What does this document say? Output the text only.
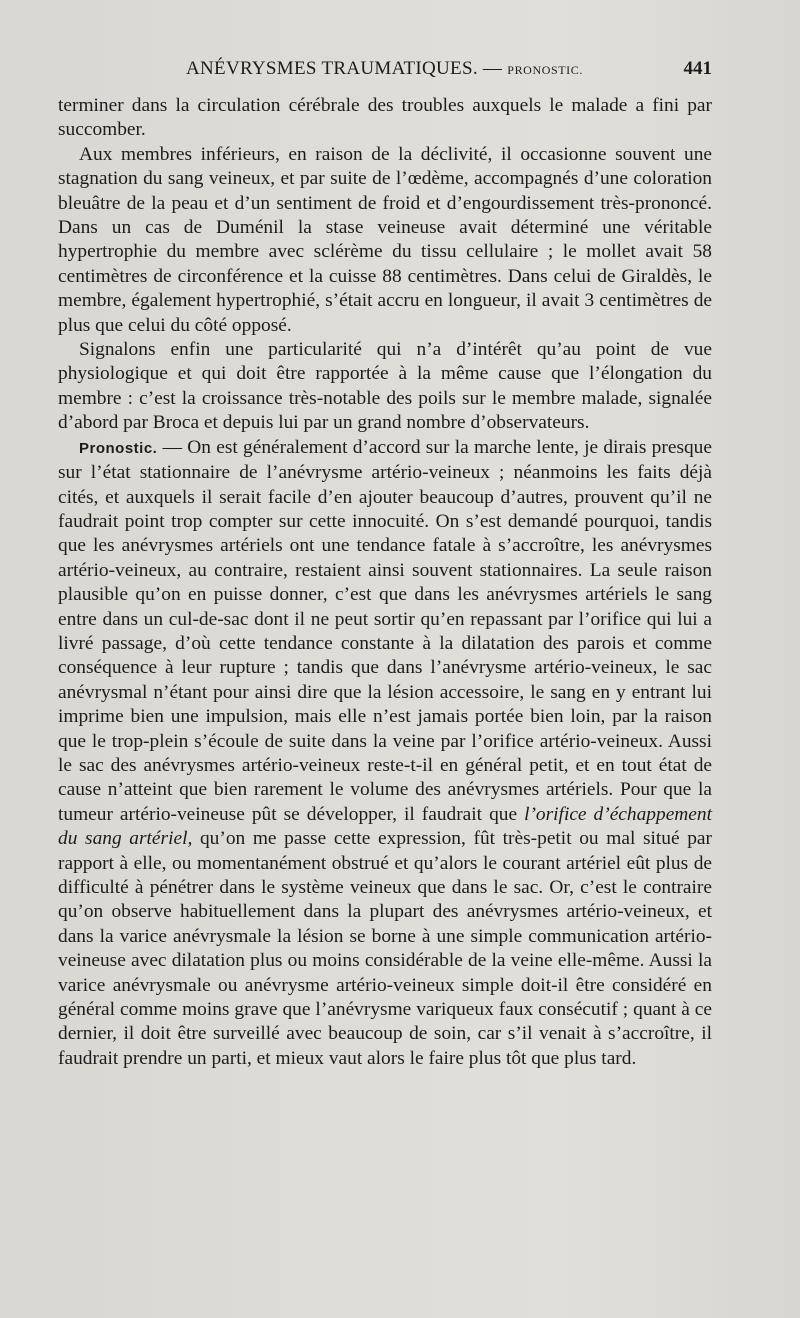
ANÉVRYSMES TRAUMATIQUES. — PRONOSTIC.	441

terminer dans la circulation cérébrale des troubles auxquels le malade a fini par succomber.

Aux membres inférieurs, en raison de la déclivité, il occasionne souvent une stagnation du sang veineux, et par suite de l’œdème, accompagnés d’une coloration bleuâtre de la peau et d’un sentiment de froid et d’engourdissement très-prononcé. Dans un cas de Duménil la stase veineuse avait déterminé une véritable hypertrophie du membre avec sclérème du tissu cellulaire ; le mollet avait 58 centimètres de circonférence et la cuisse 88 centimètres. Dans celui de Giraldès, le membre, également hypertrophié, s’était accru en longueur, il avait 3 centimètres de plus que celui du côté opposé.

Signalons enfin une particularité qui n’a d’intérêt qu’au point de vue physiologique et qui doit être rapportée à la même cause que l’élongation du membre : c’est la croissance très-notable des poils sur le membre malade, signalée d’abord par Broca et depuis lui par un grand nombre d’observateurs.

Pronostic. — On est généralement d’accord sur la marche lente, je dirais presque sur l’état stationnaire de l’anévrysme artério-veineux ; néanmoins les faits déjà cités, et auxquels il serait facile d’en ajouter beaucoup d’autres, prouvent qu’il ne faudrait point trop compter sur cette innocuité. On s’est demandé pourquoi, tandis que les anévrysmes artériels ont une tendance fatale à s’accroître, les anévrysmes artério-veineux, au contraire, restaient ainsi souvent stationnaires. La seule raison plausible qu’on en puisse donner, c’est que dans les anévrysmes artériels le sang entre dans un cul-de-sac dont il ne peut sortir qu’en repassant par l’orifice qui lui a livré passage, d’où cette tendance constante à la dilatation des parois et comme conséquence à leur rupture ; tandis que dans l’anévrysme artério-veineux, le sac anévrysmal n’étant pour ainsi dire que la lésion accessoire, le sang en y entrant lui imprime bien une impulsion, mais elle n’est jamais portée bien loin, par la raison que le trop-plein s’écoule de suite dans la veine par l’orifice artério-veineux. Aussi le sac des anévrysmes artério-veineux reste-t-il en général petit, et en tout état de cause n’atteint que bien rarement le volume des anévrysmes artériels. Pour que la tumeur artério-veineuse pût se développer, il faudrait que l’orifice d’échappement du sang artériel, qu’on me passe cette expression, fût très-petit ou mal situé par rapport à elle, ou momentanément obstrué et qu’alors le courant artériel eût plus de difficulté à pénétrer dans le système veineux que dans le sac. Or, c’est le contraire qu’on observe habituellement dans la plupart des anévrysmes artério-veineux, et dans la varice anévrysmale la lésion se borne à une simple communication artério-veineuse avec dilatation plus ou moins considérable de la veine elle-même. Aussi la varice anévrysmale ou anévrysme artério-veineux simple doit-il être considéré en général comme moins grave que l’anévrysme variqueux faux consécutif ; quant à ce dernier, il doit être surveillé avec beaucoup de soin, car s’il venait à s’accroître, il faudrait prendre un parti, et mieux vaut alors le faire plus tôt que plus tard.
